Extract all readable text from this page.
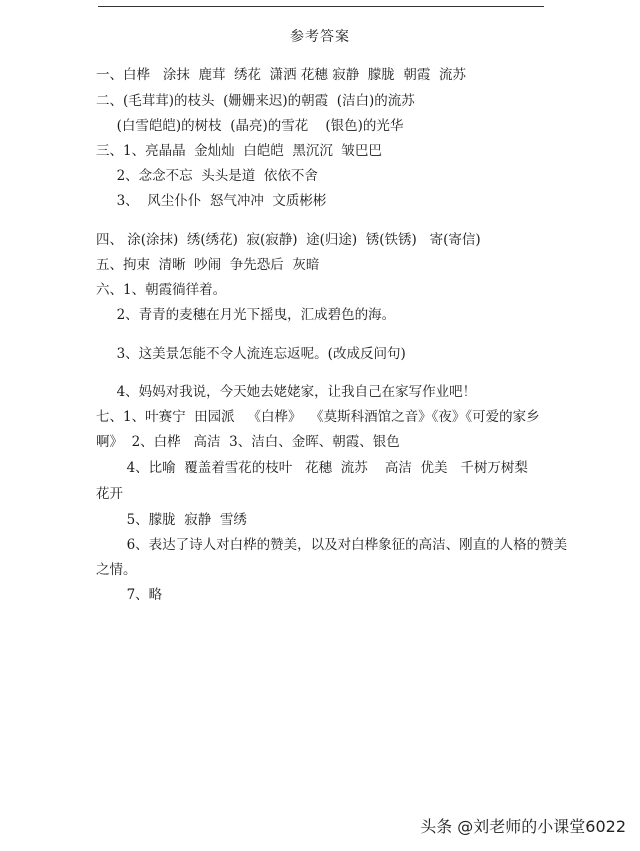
参考答案
一、白桦   涂抹  鹿茸  绣花  潇洒 花穗 寂静  朦胧  朝霞  流苏
二、(毛茸茸)的枝头  (姗姗来迟)的朝霞  (洁白)的流苏
(白雪皑皑)的树枝  (晶亮)的雪花    (银色)的光华
三、1、亮晶晶  金灿灿  白皑皑  黑沉沉  皱巴巴
2、念念不忘  头头是道  依依不舍
3、  风尘仆仆  怒气冲冲  文质彬彬
四、 涂(涂抹)  绣(绣花)  寂(寂静)  途(归途)  锈(铁锈)   寄(寄信)
五、拘束  清晰  吵闹  争先恐后  灰暗
六、1、朝霞徜徉着。
2、青青的麦穗在月光下摇曳，汇成碧色的海。
3、这美景怎能不令人流连忘返呢。(改成反问句)
4、妈妈对我说，今天她去姥姥家，让我自己在家写作业吧！
七、1、叶赛宁  田园派   《白桦》  《莫斯科酒馆之音》《夜》《可爱的家乡
啊》  2、白桦   高洁  3、洁白、金晖、朝霞、银色
4、比喻  覆盖着雪花的枝叶   花穗  流苏    高洁  优美   千树万树梨
花开
5、朦胧  寂静  雪绣
6、表达了诗人对白桦的赞美，以及对白桦象征的高洁、刚直的人格的赞美
之情。
7、略
头条 @刘老师的小课堂6022
